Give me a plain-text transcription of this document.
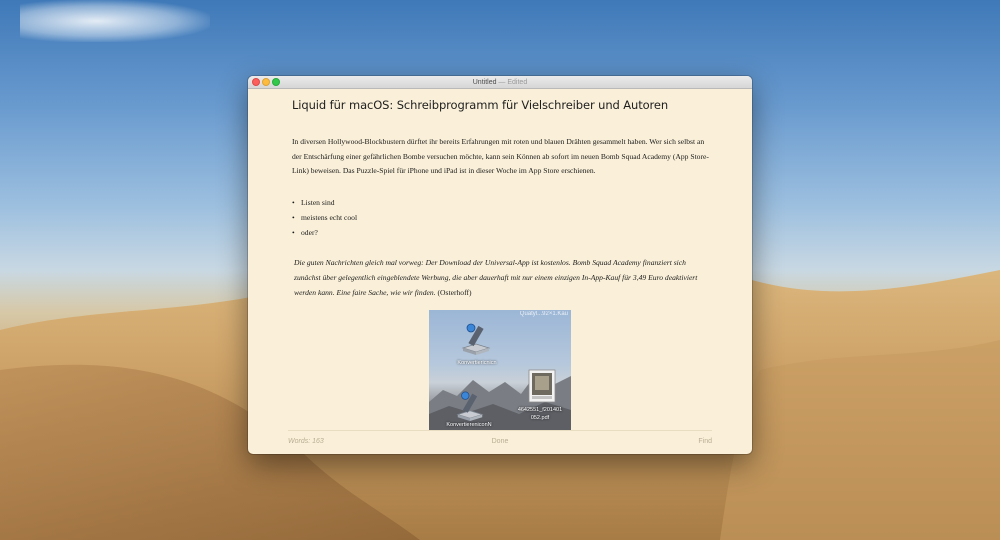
Untitled — Edited
Liquid für macOS: Schreibprogramm für Vielschreiber und Autoren

In diversen Hollywood-Blockbustern dürftet ihr bereits Erfahrungen mit roten und blauen Drähten gesammelt haben. Wer sich selbst an der Entschärfung einer gefährlichen Bombe versuchen möchte, kann sein Können ab sofort im neuen Bomb Squad Academy (App Store-Link) beweisen. Das Puzzle-Spiel für iPhone und iPad ist in dieser Woche im App Store erschienen.

• Listen sind
• meistens echt cool
• oder?

Die guten Nachrichten gleich mal vorweg: Der Download der Universal-App ist kostenlos. Bomb Squad Academy finanziert sich zunächst über gelegentlich eingeblendete Werbung, die aber dauerhaft mit nur einem einzigen In-App-Kauf für 3,49 Euro deaktiviert werden kann. Eine faire Sache, wie wir finden. (Osterhoff)

Quatyl...92×1.Kau
Konvertiericnicn
KonvertiereniconN
4642551_f201401 052.pdf
Words: 163	Done	Find
